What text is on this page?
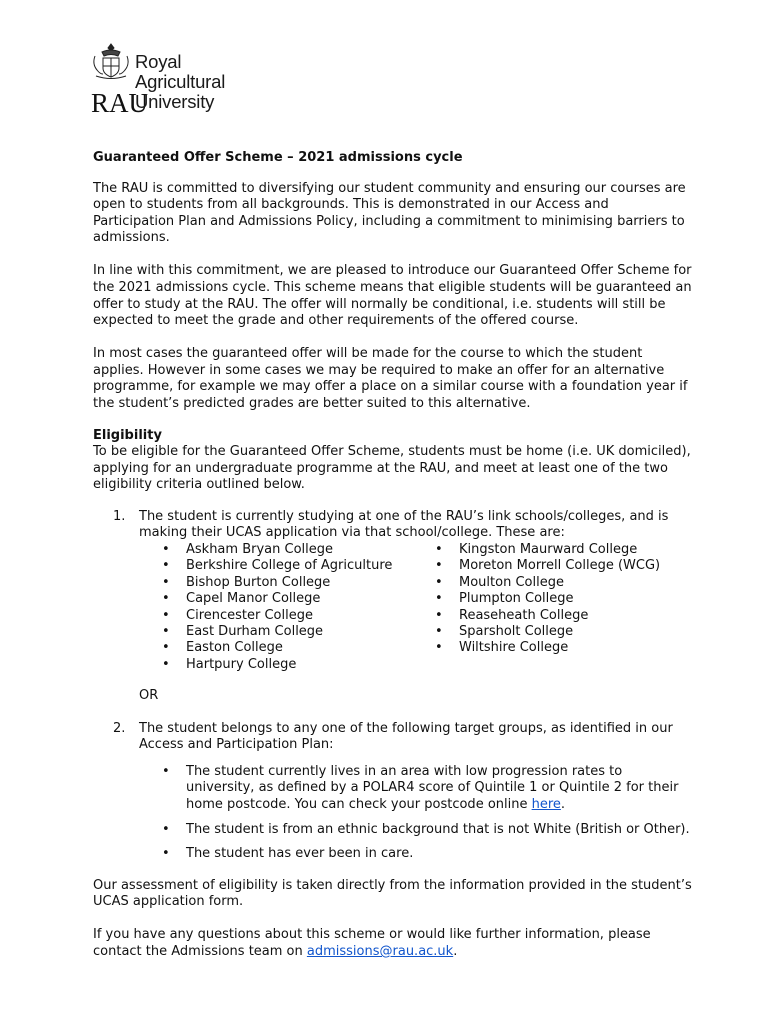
RAU
Royal
Agricultural
University

Guaranteed Offer Scheme – 2021 admissions cycle

The RAU is committed to diversifying our student community and ensuring our courses are open to students from all backgrounds. This is demonstrated in our Access and Participation Plan and Admissions Policy, including a commitment to minimising barriers to admissions.

In line with this commitment, we are pleased to introduce our Guaranteed Offer Scheme for the 2021 admissions cycle. This scheme means that eligible students will be guaranteed an offer to study at the RAU. The offer will normally be conditional, i.e. students will still be expected to meet the grade and other requirements of the offered course.

In most cases the guaranteed offer will be made for the course to which the student applies. However in some cases we may be required to make an offer for an alternative programme, for example we may offer a place on a similar course with a foundation year if the student’s predicted grades are better suited to this alternative.

Eligibility

To be eligible for the Guaranteed Offer Scheme, students must be home (i.e. UK domiciled), applying for an undergraduate programme at the RAU, and meet at least one of the two eligibility criteria outlined below.

1. The student is currently studying at one of the RAU’s link schools/colleges, and is making their UCAS application via that school/college. These are:
• Askham Bryan College
• Berkshire College of Agriculture
• Bishop Burton College
• Capel Manor College
• Cirencester College
• East Durham College
• Easton College
• Hartpury College
• Kingston Maurward College
• Moreton Morrell College (WCG)
• Moulton College
• Plumpton College
• Reaseheath College
• Sparsholt College
• Wiltshire College

OR

2. The student belongs to any one of the following target groups, as identified in our Access and Participation Plan:
• The student currently lives in an area with low progression rates to university, as defined by a POLAR4 score of Quintile 1 or Quintile 2 for their home postcode. You can check your postcode online here.
• The student is from an ethnic background that is not White (British or Other).
• The student has ever been in care.

Our assessment of eligibility is taken directly from the information provided in the student’s UCAS application form.

If you have any questions about this scheme or would like further information, please contact the Admissions team on admissions@rau.ac.uk.
